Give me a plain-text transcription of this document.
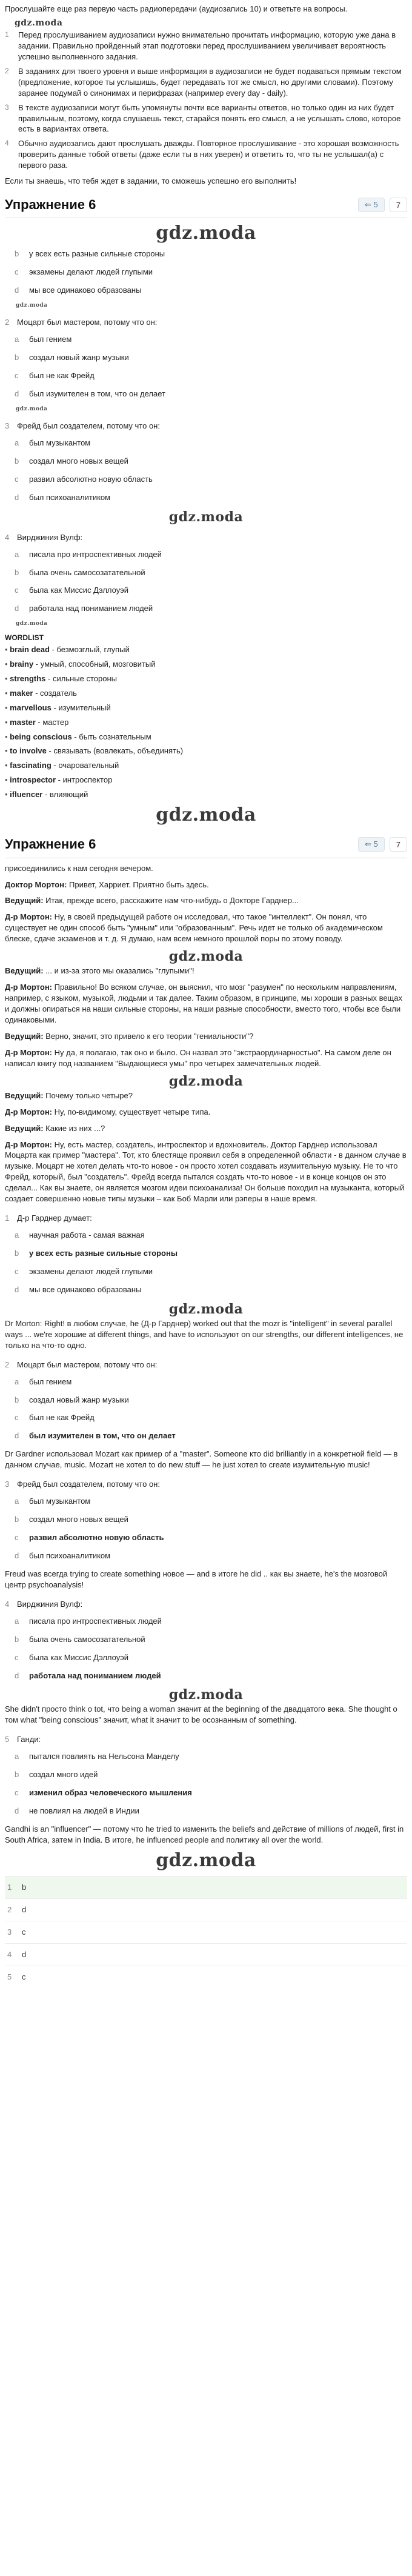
Прослушайте еще раз первую часть радиопередачи (аудиозапись 10) и ответьте на вопросы.

gdz.moda
1	Перед прослушиванием аудиозаписи нужно внимательно прочитать информацию, которую уже дана в задании. Правильно пройденный этап подготовки перед прослушиванием увеличивает вероятность успешно выполненного задания.
2	В заданиях для твоего уровня и выше информация в аудиозаписи не будет подаваться прямым текстом (предложение, которое ты услышишь, будет передавать тот же смысл, но другими словами). Поэтому заранее подумай о синонимах и перифразах (например every day - daily).
3	В тексте аудиозаписи могут быть упомянуты почти все варианты ответов, но только один из них будет правильным, поэтому, когда слушаешь текст, старайся понять его смысл, а не услышать слово, которое есть в вариантах ответа.
4	Обычно аудиозапись дают прослушать дважды. Повторное прослушивание - это хорошая возможность проверить данные тобой ответы (даже если ты в них уверен) и ответить то, что ты не услышал(а) с первого раза.

Если ты знаешь, что тебя ждет в задании, то сможешь успешно его выполнить!

Упражнение 6	⇐ 5	7
gdz.moda
b	у всех есть разные сильные стороны
c	экзамены делают людей глупыми
d	мы все одинаково образованы
gdz.moda
2 Моцарт был мастером, потому что он:
a	был гением
b	создал новый жанр музыки
c	был не как Фрейд
d	был изумителен в том, что он делает
gdz.moda
3 Фрейд был создателем, потому что он:
a	был музыкантом
b	создал много новых вещей
c	развил абсолютно новую область
d	был психоаналитиком
gdz.moda
4 Вирджиния Вулф:
a	писала про интроспективных людей
b	была очень самосозатательной
c	была как Миссис Дэллоуэй
d	работала над пониманием людей
gdz.moda
WORDLIST
• brain dead - безмозглый, глупый
• brainy - умный, способный, мозговитый
• strengths - сильные стороны
• maker - создатель
• marvellous - изумительный
• master - мастер
• being conscious - быть сознательным
• to involve - связывать (вовлекать, объединять)
• fascinating - очаровательный
• introspector - интроспектор
• ifluencer - влияющий
gdz.moda
Упражнение 6	⇐ 5	7

присоединились к нам сегодня вечером.

Доктор Мортон: Привет, Харриет. Приятно быть здесь.

Ведущий: Итак, прежде всего, расскажите нам что-нибудь о Докторе Гарднер...

Д-р Мортон: Ну, в своей предыдущей работе он исследовал, что такое "интеллект". Он понял, что существует не один способ быть "умным" или "образованным". Речь идет не только об академическом блеске, сдаче экзаменов и т. д. Я думаю, нам всем немного прошлой поры по этому поводу.

gdz.moda

Ведущий: ... и из-за этого мы оказались "глупыми"!

Д-р Мортон: Правильно! Во всяком случае, он выяснил, что мозг "разумен" по нескольким направлениям, например, с языком, музыкой, людьми и так далее. Таким образом, в принципе, мы хороши в разных вещах и должны опираться на наши сильные стороны, на наши разные способности, вместо того, чтобы все были одинаковыми.

Ведущий: Верно, значит, это привело к его теории "гениальности"?

Д-р Мортон: Ну да, я полагаю, так оно и было. Он назвал это "экстраординарностью". На самом деле он написал книгу под названием "Выдающиеся умы" про четырех замечательных людей.

gdz.moda

Ведущий: Почему только четыре?

Д-р Мортон: Ну, по-видимому, существует четыре типа.

Ведущий: Какие из них ...?

Д-р Мортон: Ну, есть мастер, создатель, интроспектор и вдохновитель. Доктор Гарднер использовал Моцарта как пример "мастера". Тот, кто блестяще проявил себя в определенной области - в данном случае в музыке. Моцарт не хотел делать что-то новое - он просто хотел создавать изумительную музыку. Не то что Фрейд, который, был "создатель". Фрейд всегда пытался создать что-то новое - и в конце концов он это сделал... Как вы знаете, он является мозгом идеи психоанализа! Он больше походил на музыканта, который создает совершенно новые типы музыки – как Боб Марли или рэперы в наше время.

1 Д-р Гарднер думает:
a	научная работа - самая важная
b	у всех есть разные сильные стороны
c	экзамены делают людей глупыми
d	мы все одинаково образованы
gdz.moda

Dr Morton: Right! в любом случае, he (Д-р Гарднер) worked out that the mozr is "intelligent" in several parallel ways ... we're хорошие at different things, and have to используют on our strengths, our different intelligences, не только на что-то одно.

2 Моцарт был мастером, потому что он:
a	был гением
b	создал новый жанр музыки
c	был не как Фрейд
d	был изумителен в том, что он делает

Dr Gardner использовал Mozart как пример of a "master". Someone кто did brilliantly in a конкретной field — в данном случае, music. Mozart не хотел to do new stuff — he just хотел to create изумительную music!

3 Фрейд был создателем, потому что он:
a	был музыкантом
b	создал много новых вещей
c	развил абсолютно новую область
d	был психоаналитиком

Freud was всегда trying to create something новое — and в итоге he did .. как вы знаете, he's the мозговой центр psychoanalysis!

4 Вирджиния Вулф:
a	писала про интроспективных людей
b	была очень самосозатательной
c	была как Миссис Дэллоуэй
d	работала над пониманием людей
gdz.moda

She didn't просто think о tot, что being a woman значит at the beginning of the двадцатого века. She thought о том what "being conscious" значит, what it значит to be осознанным of something.

5 Ганди:
a	пытался повлиять на Нельсона Манделу
b	создал много идей
c	изменил образ человеческого мышления
d	не повлиял на людей в Индии

Gandhi is an "influencer" — потому что he tried to изменить the beliefs and действие of millions of людей, first in South Africa, затем in India. В итоге, he influenced people and политику all over the world.

gdz.moda
1	b
2	d
3	c
4	d
5	c
